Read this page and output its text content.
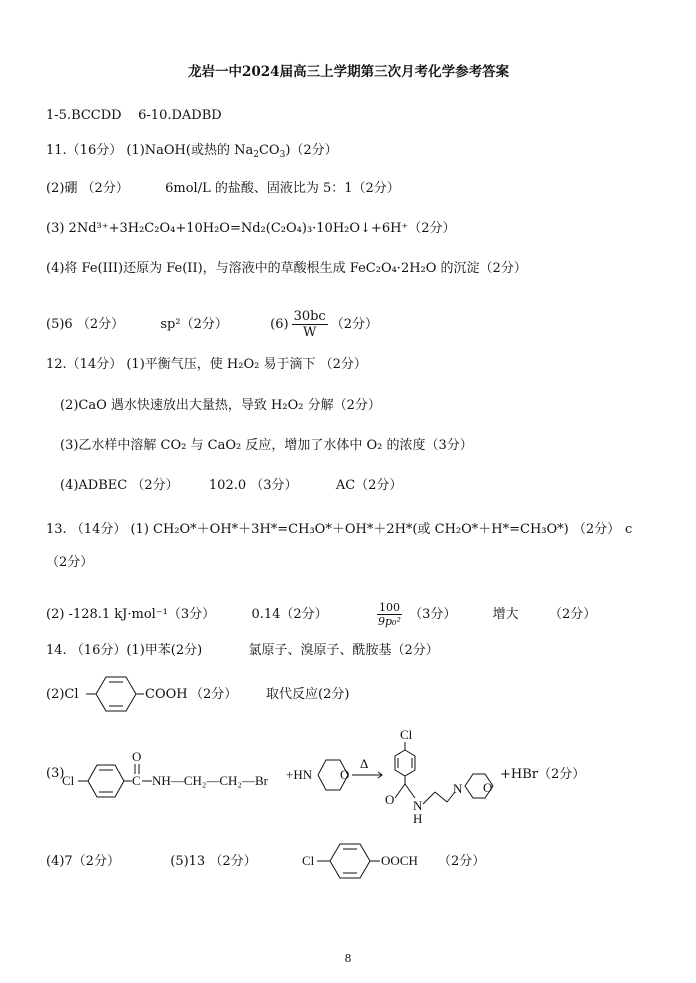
龙岩一中2024届高三上学期第三次月考化学参考答案
1-5.BCCDD 6-10.DADBD
11.（16分） (1)NaOH(或热的 $Na_2CO_3)(2$分）
(2)硼 （2分）	6mol/L 的盐酸、固液比为 5：1（2分）
(3) 2Nd³⁺+3H₂C₂O₄+10H₂O=Nd₂(C₂O₄)₃·10H₂O↓+6H⁺（2分）
(4)将 Fe(III)还原为 Fe(II)，与溶液中的草酸根生成 FeC₂O₄·2H₂O 的沉淀（2分）
(5)6 （2分）	sp²（2分）	$(6) \frac{30bc}{W} (2$分）
12.（14分） (1)平衡气压，使 H₂O₂ 易于滴下 （2分）
(2)CaO 遇水快速放出大量热，导致 H₂O₂ 分解（2分）
(3)乙水样中溶解 CO₂ 与 CaO₂ 反应，增加了水体中 O₂ 的浓度（3分）
(4)ADBEC （2分） 102.0 （3分）	AC（2分）
13. （14分） (1) CH₂O*＋OH*＋3H*=CH₃O*＋OH*＋2H*(或 CH₂O*＋H*=CH₃O*) （2分） c
（2分）
(2) -128.1 kJ·mol⁻¹（3分）	0.14（2分）	$\frac{100}{\text{9p₀²}} (3$分）	增大 （2分）
14. （16分）(1)甲苯(2分)	氯原子、溴原子、酰胺基（2分）
(2)Cl	COOH （2分） 取代反应(2分)
(3)
Cl
O
C NH—CH₂—CH₂—Br +HN O
Δ
Cl
O N
H
N O
+HBr（2分）
(4)7（2分）	(5)13 （2分）	Cl	OOCH （2分）
8
